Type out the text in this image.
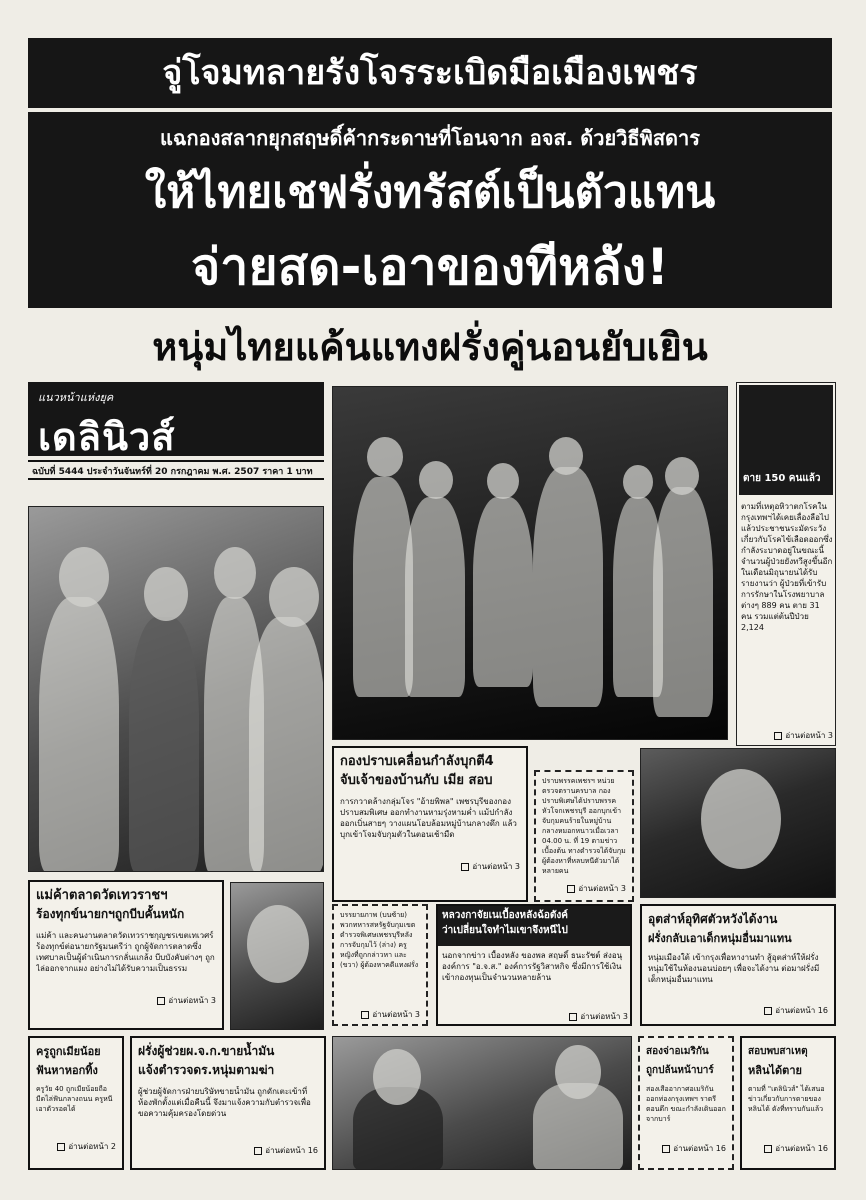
จู่โจมทลายรังโจรระเบิดมือเมืองเพชร
แฉกองสลากยุกสฤษดิ์ค้ากระดาษที่โอนจาก อจส. ด้วยวิธีพิสดาร
ให้ไทยเชฟรั่งทรัสต์เป็นตัวแทน
จ่ายสด-เอาของทีหลัง!
หนุ่มไทยแค้นแทงฝรั่งคู่นอนยับเยิน
แนวหน้าแห่งยุค
เดลินิวส์
ฉบับที่ 5444 ประจำวันจันทร์ที่ 20 กรกฎาคม พ.ศ. 2507 ราคา 1 บาท
ตาย 150 คนแล้ว
ตามที่เหตุอหิวาตกโรคในกรุงเทพฯได้เคยเลื่องลือไปแล้วประชาชนระมัดระวังเกี่ยวกับโรคไข้เลือดออกซึ่งกำลังระบาดอยู่ในขณะนี้ จำนวนผู้ป่วยยังทวีสูงขึ้นอีก ในเดือนมิถุนายนได้รับรายงานว่า ผู้ป่วยที่เข้ารับการรักษาในโรงพยาบาลต่างๆ 889 คน ตาย 31 คน รวมแต่ต้นปีป่วย 2,124
อ่านต่อหน้า 3
กองปราบเคลื่อนกำลังบุกตี4
จับเจ้าของบ้านกับ เมีย สอบ
การกวาดล้างกลุ่มโจร "อ้ายพิพล" เพชรบุรีของกองปราบสมพิเศษ ออกทำงานหามรุ่งหามค่ำ แม้ปกำลังออกเบิ่นสายๆ วางแผนโอบล้อมหมู่บ้านกลางดึก แล้วบุกเข้าโจมจับกุมตัวในตอนเช้ามืด
อ่านต่อหน้า 3
ปราบพรรคเพชรฯ หน่วยตรวจตรานครบาล กองปราบพิเศษได้ปราบพรรคหัวโจกเพชรบุรี ออกบุกเข้าจับกุมคนร้ายในหมู่บ้านกลางหมอกหนาวเมื่อเวลา 04.00 น. ที่ 19 ตามข่าวเบื้องต้น ทางตำรวจได้จับกุมผู้ต้องหาที่หลบหนีตัวมาได้หลายคน
อ่านต่อหน้า 3
แม่ค้าตลาดวัดเทวราชฯ
ร้องทุกข์นายกฯถูกบีบคั้นหนัก
แม่ค้า และคนงานตลาดวัดเทวราชกุญชรเขตเทเวศร์ร้องทุกข์ต่อนายกรัฐมนตรีว่า ถูกผู้จัดการตลาดซึ่งเทศบาลเป็นผู้ดำเนินการกลั่นแกล้ง บีบบังคับต่างๆ ถูกไล่ออกจากแผง อย่างไม่ได้รับความเป็นธรรม
อ่านต่อหน้า 3
บรรยายภาพ (บนซ้าย) พวกทหารสหรัฐจับกุมเขตตำรวจพิเศษเพชรบุรีหลังการจับกุมไว้ (ล่าง) ครูหญิงที่ถูกกล่าวหา และ (ขวา) ผู้ต้องหาคดีแทงฝรั่ง
อ่านต่อหน้า 3
หลวงกาจัยเนเบื้องหลังฉ้อตังค์
ว่าเปลี่ยนใจทำไมเขาจึงหนีไป
นอกจากข่าว เบื้องหลัง ของพล สฤษดิ์ ธนะรัชต์ ส่งอนุองค์การ "อ.จ.ส." องค์การรัฐวิสาหกิจ ซึ่งมีการใช้เงินเข้ากองทุนเป็นจำนวนหลายล้าน
อ่านต่อหน้า 3
อุตส่าห์อุทิศตัวหวังได้งาน
ฝรั่งกลับเอาเด็กหนุ่มอื่นมาแทน
หนุ่มเมืองใต้ เข้ากรุงเพื่อหางานทำ สู้อุตส่าห์ให้ฝรั่งหนุ่มใช้ในห้องนอนบ่อยๆ เพื่อจะได้งาน ต่อมาฝรั่งมีเด็กหนุ่มอื่นมาแทน
อ่านต่อหน้า 16
ครูถูกเมียน้อย
ฟันหาหอกทิ้ง
ครูวัย 40 ถูกเมียน้อยถือมีดไล่ฟันกลางถนน ครูหนีเอาตัวรอดได้
อ่านต่อหน้า 2
ฝรั่งผู้ช่วยผ.จ.ก.ขายน้ำมัน
แจ้งตำรวจดร.หนุ่มตามฆ่า
ผู้ช่วยผู้จัดการฝ่ายบริษัทขายน้ำมัน ถูกดักเตะเข้าที่ห้องพักตั้งแต่เมื่อคืนนี้ จึงมาแจ้งความกับตำรวจเพื่อขอความคุ้มครองโดยด่วน
อ่านต่อหน้า 16
สองจ่าอเมริกัน
ถูกปล้นหน้าบาร์
สองเสืออากาศอเมริกันออกท่องกรุงเทพฯ ราตรีตอนดึก ขณะกำลังเดินออกจากบาร์
อ่านต่อหน้า 16
สอบพบสาเหตุ
หลินได้ตาย
ตามที่ "เดลินิวส์" ได้เสนอข่าวเกี่ยวกับการตายของหลินได้ ดังที่ทราบกันแล้ว
อ่านต่อหน้า 16
